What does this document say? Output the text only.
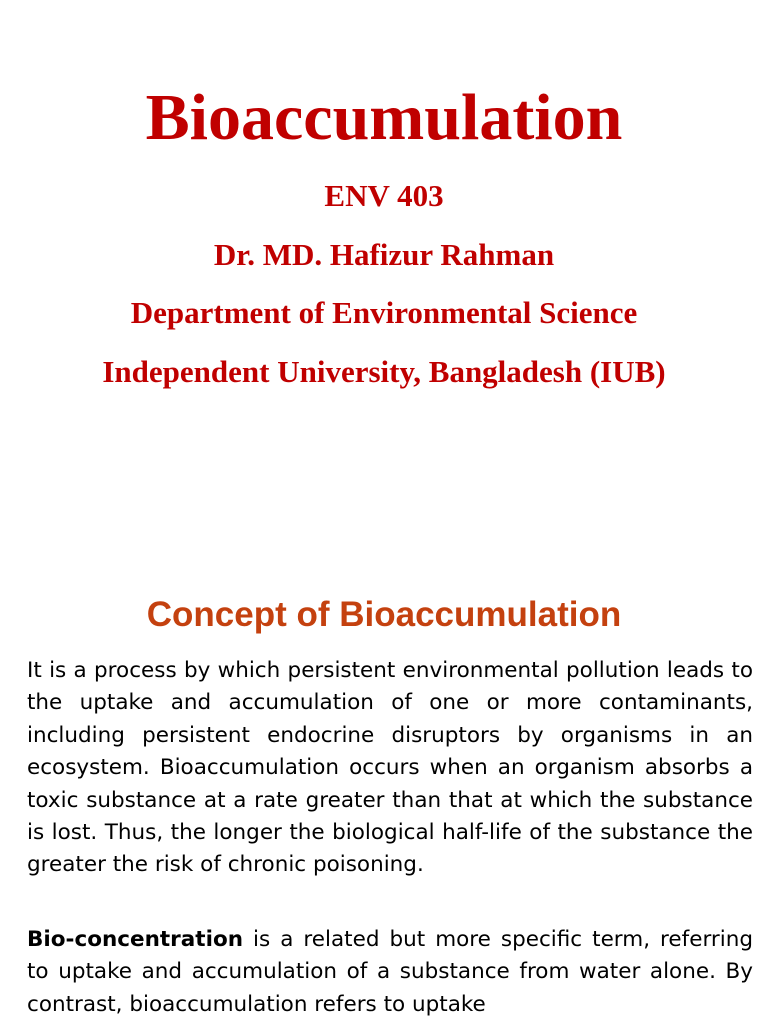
Bioaccumulation
ENV 403
Dr. MD. Hafizur Rahman
Department of Environmental Science
Independent University, Bangladesh (IUB)
Concept of Bioaccumulation

It is a process by which persistent environmental pollution leads to the uptake and accumulation of one or more contaminants, including persistent endocrine disruptors by organisms in an ecosystem. Bioaccumulation occurs when an organism absorbs a toxic substance at a rate greater than that at which the substance is lost. Thus, the longer the biological half-life of the substance the greater the risk of chronic poisoning.

Bio-concentration is a related but more specific term, referring to uptake and accumulation of a substance from water alone. By contrast, bioaccumulation refers to uptake
